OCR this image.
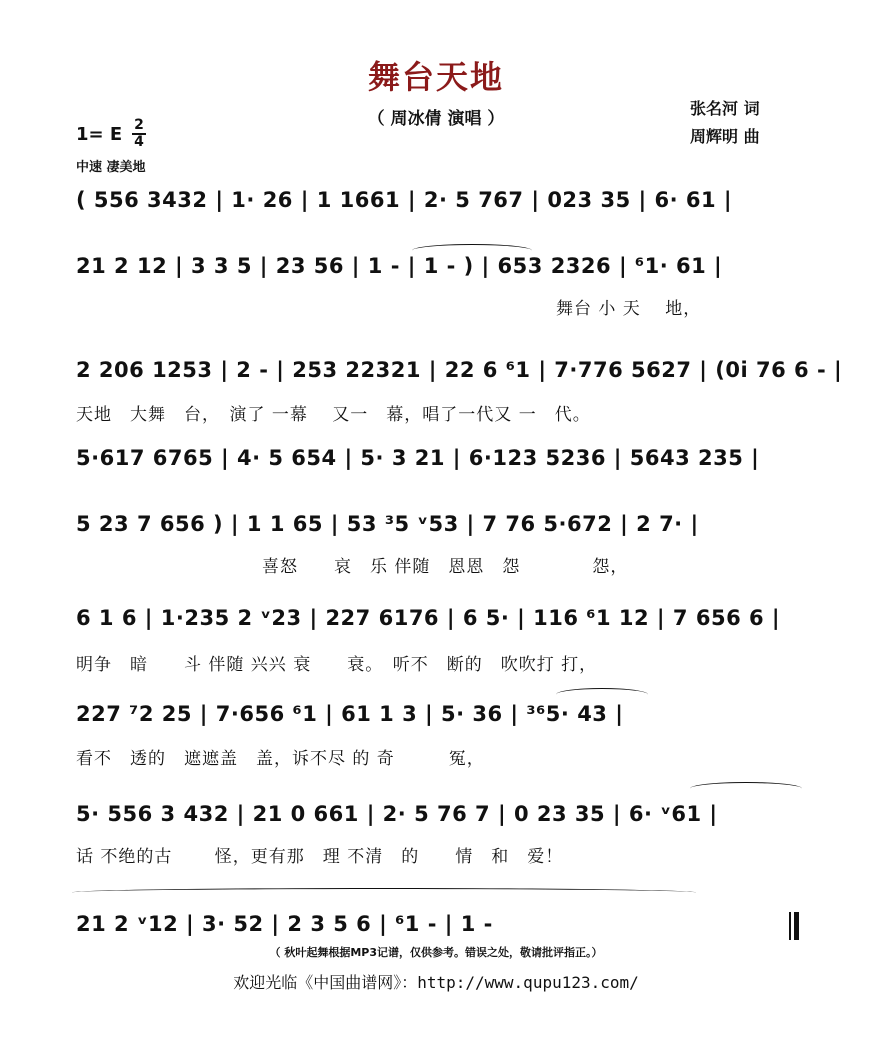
舞台天地
（ 周冰倩 演唱 ）
张名河 词
周辉明 曲
1= E $\frac{2}{4}$
中速 凄美地
( 556 3432 | 1· 26 | 1 1661 | 2· 5 767 | 023 35 | 6· 61 |
21 2 12 | 3 3 5 | 23 56 | 1 - | 1 - ) | 653 2326 | ⁶1· 61 |
舞台 小 天　 地，
2 206 1253 | 2 - | 253 22321 | 22 6 ⁶1 | 7·776 5627 | (0i 76 6 - |
天地　大舞　台，　演了 一幕　 又一　幕，唱了一代又 一　代。
5·617 6765 | 4· 5 654 | 5· 3 21 | 6·123 5236 | 5643 235 |
5 23 7 656 ) | 1 1 65 | 53 ³5 ᵛ53 | 7 76 5·672 | 2 7· |
喜怒　　哀　乐 伴随　恩恩　怨　　　　怨，
6 1 6 | 1·235 2 ᵛ23 | 227 6176 | 6 5· | 116 ⁶1 12 | 7 656 6 |
明争　暗　　斗 伴随 兴兴 衰　　衰。　听不　断的　吹吹打 打，
227 ⁷2 25 | 7·656 ⁶1 | 61 1 3 | 5· 36 | ³⁶5· 43 |
看不　透的　遮遮盖　盖，诉不尽 的 奇　　　冤，
5· 556 3 432 | 21 0 661 | 2· 5 76 7 | 0 23 35 | 6· ᵛ61 |
话 不绝的古　　 怪，更有那　理 不清　的　　情　和　爱！
21 2 ᵛ12 | 3· 52 | 2 3 5 6 | ⁶1 - | 1 -
（ 秋叶起舞根据MP3记谱，仅供参考。错误之处，敬请批评指正。）
欢迎光临《中国曲谱网》：http://www.qupu123.com/
